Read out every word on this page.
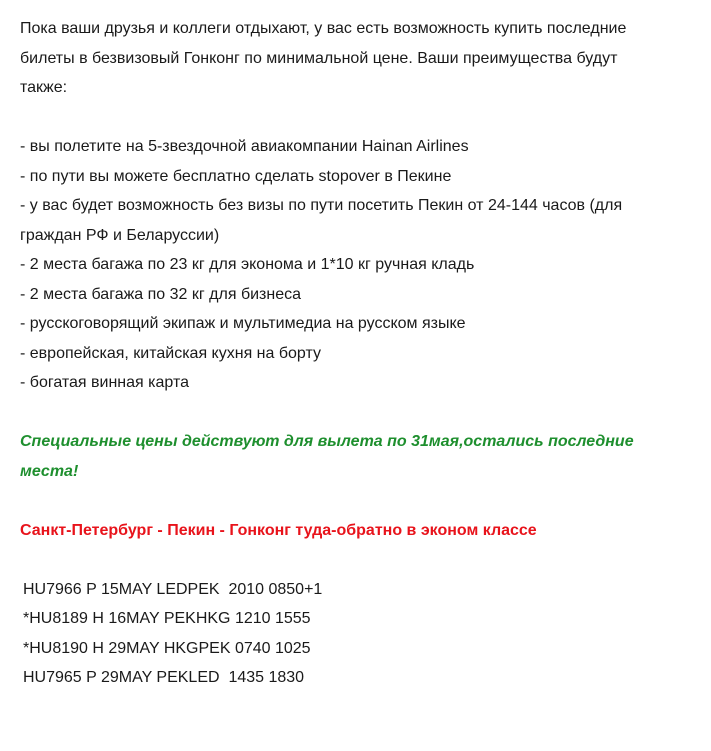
Пока ваши друзья и коллеги отдыхают, у вас есть возможность купить последние
билеты в безвизовый Гонконг по минимальной цене. Ваши преимущества будут
также:
- вы полетите на 5-звездочной авиакомпании Hainan Airlines
- по пути вы можете бесплатно сделать stopover в Пекине
- у вас будет возможность без визы по пути посетить Пекин от 24-144 часов (для
граждан РФ и Беларуссии)
- 2 места багажа по 23 кг для эконома и 1*10 кг ручная кладь
- 2 места багажа по 32 кг для бизнеса
- русскоговорящий экипаж и мультимедиа на русском языке
- европейская, китайская кухня на борту
- богатая винная карта
Специальные цены действуют для вылета по 31мая,остались последние
места!
Санкт-Петербург - Пекин - Гонконг туда-обратно в эконом классе
HU7966 P 15MAY LEDPEK  2010 0850+1
*HU8189 H 16MAY PEKHKG 1210 1555
*HU8190 H 29MAY HKGPEK 0740 1025
HU7965 P 29MAY PEKLED  1435 1830
